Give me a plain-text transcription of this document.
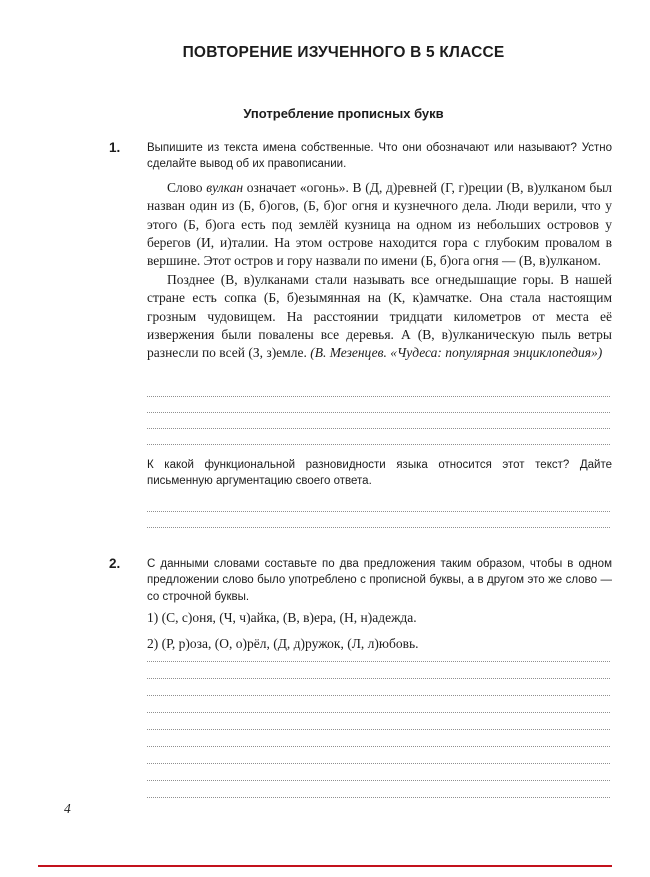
ПОВТОРЕНИЕ ИЗУЧЕННОГО В 5 КЛАССЕ
Употребление прописных букв
1. Выпишите из текста имена собственные. Что они обозначают или называют? Устно сделайте вывод об их правописании.

Слово вулкан означает «огонь». В (Д, д)ревней (Г, г)реции (В, в)улканом был назван один из (Б, б)огов, (Б, б)ог огня и кузнечного дела. Люди верили, что у этого (Б, б)ога есть под землёй кузница на одном из небольших островов у берегов (И, и)талии. На этом острове находится гора с глубоким провалом в вершине. Этот остров и гору назвали по имени (Б, б)ога огня — (В, в)улканом.

Позднее (В, в)улканами стали называть все огнедышащие горы. В нашей стране есть сопка (Б, б)езымянная на (К, к)амчатке. Она стала настоящим грозным чудовищем. На расстоянии тридцати километров от места её извержения были повалены все деревья. А (В, в)улканическую пыль ветры разнесли по всей (З, з)емле. (В. Мезенцев. «Чудеса: популярная энциклопедия»)

К какой функциональной разновидности языка относится этот текст? Дайте письменную аргументацию своего ответа.
2. С данными словами составьте по два предложения таким образом, чтобы в одном предложении слово было употреблено с прописной буквы, а в другом это же слово — со строчной буквы.

1) (С, с)оня, (Ч, ч)айка, (В, в)ера, (Н, н)адежда.

2) (Р, р)оза, (О, о)рёл, (Д, д)ружок, (Л, л)юбовь.

4
